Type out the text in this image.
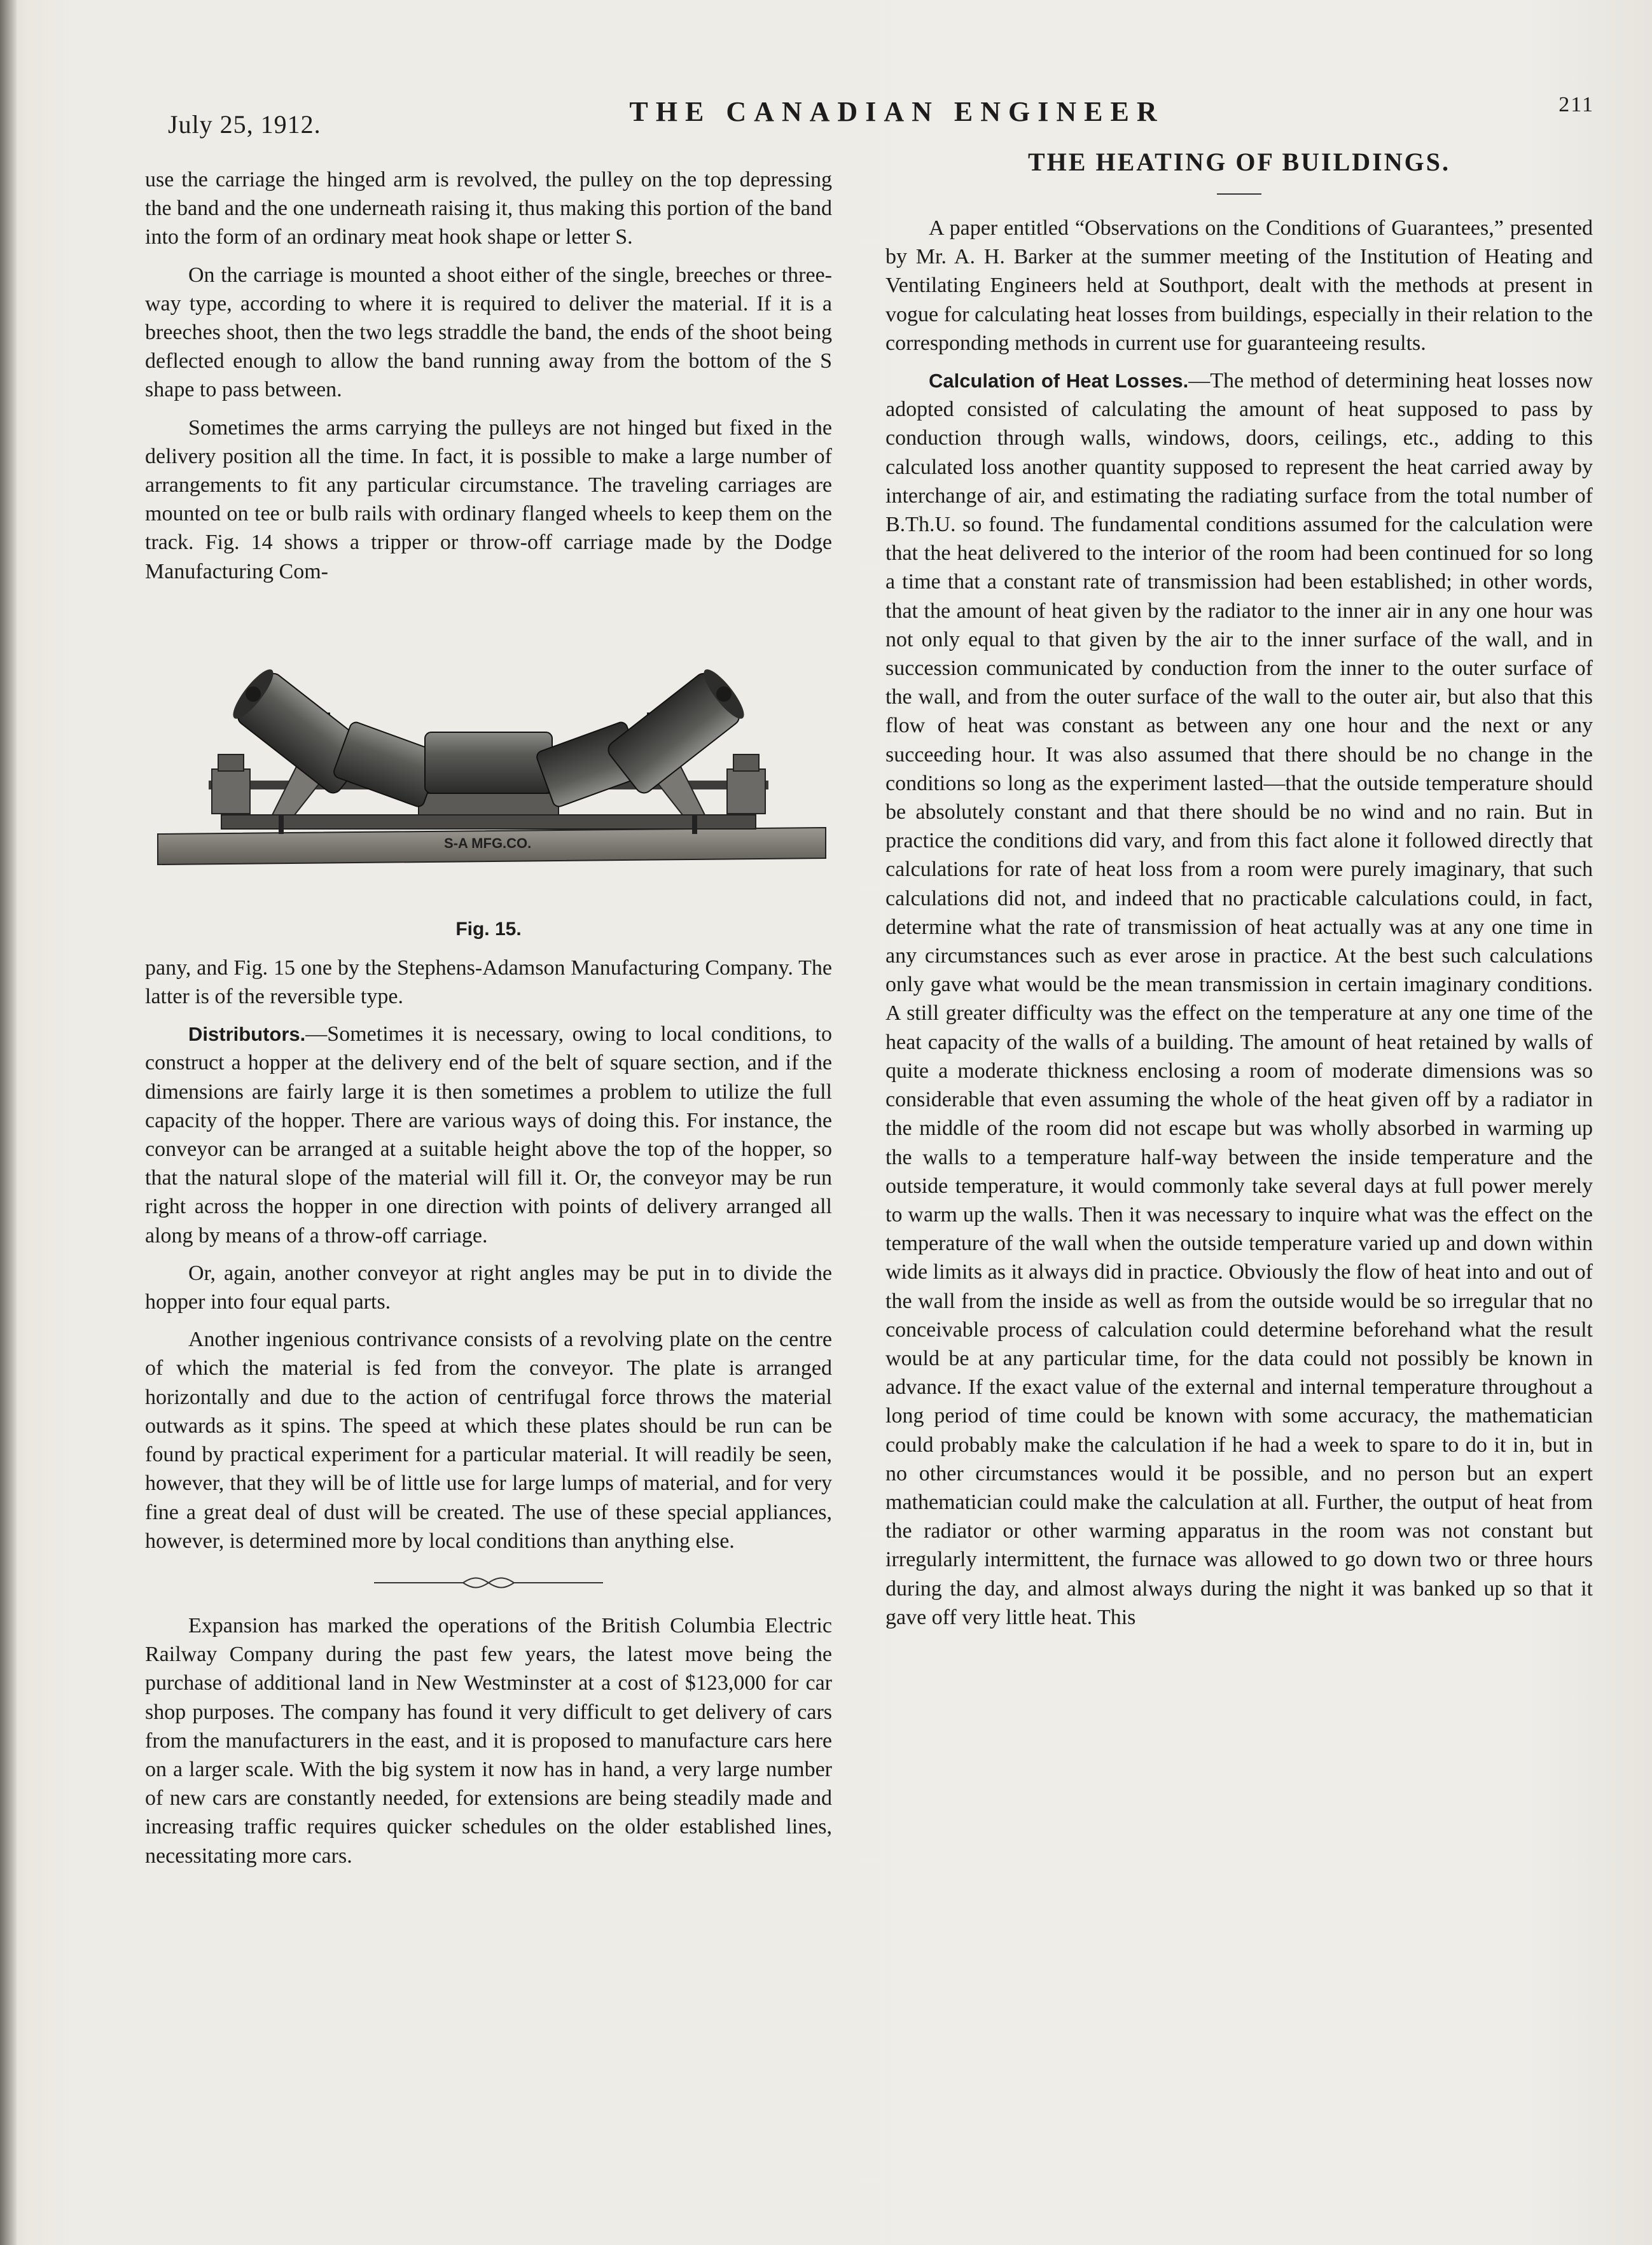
July 25, 1912.	THE CANADIAN ENGINEER	211

use the carriage the hinged arm is revolved, the pulley on the top depressing the band and the one underneath raising it, thus making this portion of the band into the form of an ordinary meat hook shape or letter S.

On the carriage is mounted a shoot either of the single, breeches or three-way type, according to where it is required to deliver the material. If it is a breeches shoot, then the two legs straddle the band, the ends of the shoot being deflected enough to allow the band running away from the bottom of the S shape to pass between.

Sometimes the arms carrying the pulleys are not hinged but fixed in the delivery position all the time. In fact, it is possible to make a large number of arrangements to fit any particular circumstance. The traveling carriages are mounted on tee or bulb rails with ordinary flanged wheels to keep them on the track. Fig. 14 shows a tripper or throw-off carriage made by the Dodge Manufacturing Com-

S-A MFG.CO.
Fig. 15.

pany, and Fig. 15 one by the Stephens-Adamson Manufacturing Company. The latter is of the reversible type.

Distributors.—Sometimes it is necessary, owing to local conditions, to construct a hopper at the delivery end of the belt of square section, and if the dimensions are fairly large it is then sometimes a problem to utilize the full capacity of the hopper. There are various ways of doing this. For instance, the conveyor can be arranged at a suitable height above the top of the hopper, so that the natural slope of the material will fill it. Or, the conveyor may be run right across the hopper in one direction with points of delivery arranged all along by means of a throw-off carriage.

Or, again, another conveyor at right angles may be put in to divide the hopper into four equal parts.

Another ingenious contrivance consists of a revolving plate on the centre of which the material is fed from the conveyor. The plate is arranged horizontally and due to the action of centrifugal force throws the material outwards as it spins. The speed at which these plates should be run can be found by practical experiment for a particular material. It will readily be seen, however, that they will be of little use for large lumps of material, and for very fine a great deal of dust will be created. The use of these special appliances, however, is determined more by local conditions than anything else.

Expansion has marked the operations of the British Columbia Electric Railway Company during the past few years, the latest move being the purchase of additional land in New Westminster at a cost of $123,000 for car shop purposes. The company has found it very difficult to get delivery of cars from the manufacturers in the east, and it is proposed to manufacture cars here on a larger scale. With the big system it now has in hand, a very large number of new cars are constantly needed, for extensions are being steadily made and increasing traffic requires quicker schedules on the older established lines, necessitating more cars.

THE HEATING OF BUILDINGS.

A paper entitled “Observations on the Conditions of Guarantees,” presented by Mr. A. H. Barker at the summer meeting of the Institution of Heating and Ventilating Engineers held at Southport, dealt with the methods at present in vogue for calculating heat losses from buildings, especially in their relation to the corresponding methods in current use for guaranteeing results.

Calculation of Heat Losses.—The method of determining heat losses now adopted consisted of calculating the amount of heat supposed to pass by conduction through walls, windows, doors, ceilings, etc., adding to this calculated loss another quantity supposed to represent the heat carried away by interchange of air, and estimating the radiating surface from the total number of B.Th.U. so found. The fundamental conditions assumed for the calculation were that the heat delivered to the interior of the room had been continued for so long a time that a constant rate of transmission had been established; in other words, that the amount of heat given by the radiator to the inner air in any one hour was not only equal to that given by the air to the inner surface of the wall, and in succession communicated by conduction from the inner to the outer surface of the wall, and from the outer surface of the wall to the outer air, but also that this flow of heat was constant as between any one hour and the next or any succeeding hour. It was also assumed that there should be no change in the conditions so long as the experiment lasted—that the outside temperature should be absolutely constant and that there should be no wind and no rain. But in practice the conditions did vary, and from this fact alone it followed directly that calculations for rate of heat loss from a room were purely imaginary, that such calculations did not, and indeed that no practicable calculations could, in fact, determine what the rate of transmission of heat actually was at any one time in any circumstances such as ever arose in practice. At the best such calculations only gave what would be the mean transmission in certain imaginary conditions. A still greater difficulty was the effect on the temperature at any one time of the heat capacity of the walls of a building. The amount of heat retained by walls of quite a moderate thickness enclosing a room of moderate dimensions was so considerable that even assuming the whole of the heat given off by a radiator in the middle of the room did not escape but was wholly absorbed in warming up the walls to a temperature half-way between the inside temperature and the outside temperature, it would commonly take several days at full power merely to warm up the walls. Then it was necessary to inquire what was the effect on the temperature of the wall when the outside temperature varied up and down within wide limits as it always did in practice. Obviously the flow of heat into and out of the wall from the inside as well as from the outside would be so irregular that no conceivable process of calculation could determine beforehand what the result would be at any particular time, for the data could not possibly be known in advance. If the exact value of the external and internal temperature throughout a long period of time could be known with some accuracy, the mathematician could probably make the calculation if he had a week to spare to do it in, but in no other circumstances would it be possible, and no person but an expert mathematician could make the calculation at all. Further, the output of heat from the radiator or other warming apparatus in the room was not constant but irregularly intermittent, the furnace was allowed to go down two or three hours during the day, and almost always during the night it was banked up so that it gave off very little heat. This
